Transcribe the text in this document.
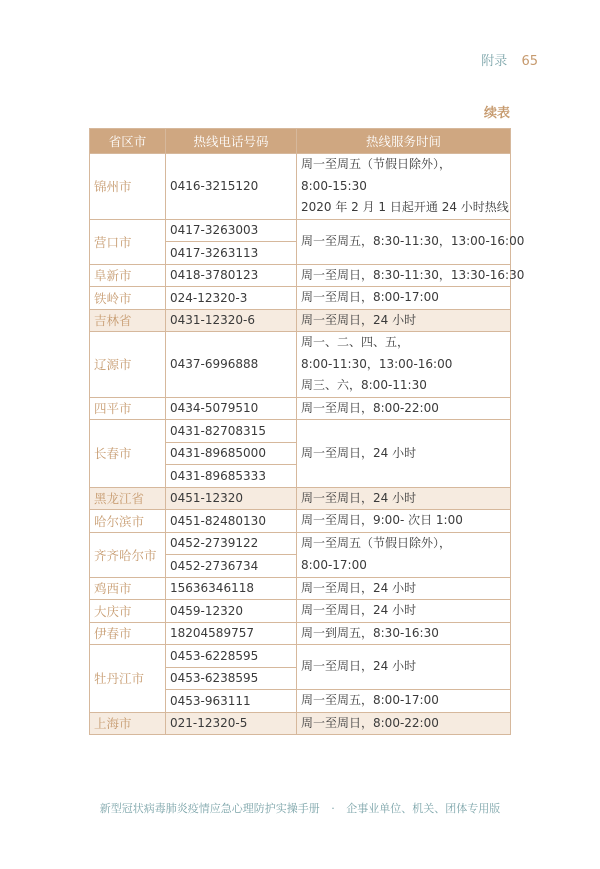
附录 65
续表
省区市	热线电话号码	热线服务时间
锦州市	0416-3215120	周一至周五（节假日除外），
8:00-15:30
2020 年 2 月 1 日起开通 24 小时热线

营口市	0417-3263003	周一至周五，8:30-11:30，13:00-16:00

	0417-3263113	
阜新市	0418-3780123	周一至周日，8:30-11:30，13:30-16:30

铁岭市	024-12320-3	周一至周日，8:00-17:00

吉林省	0431-12320-6	周一至周日，24 小时

辽源市	0437-6996888	周一、二、四、五，
8:00-11:30，13:00-16:00
周三、六，8:00-11:30

四平市	0434-5079510	周一至周日，8:00-22:00

长春市	0431-82708315	周一至周日，24 小时

	0431-89685000	
	0431-89685333	
黑龙江省	0451-12320	周一至周日，24 小时

哈尔滨市	0451-82480130	周一至周日，9:00- 次日 1:00

齐齐哈尔市	0452-2739122	周一至周五（节假日除外），
8:00-17:00

	0452-2736734	
鸡西市	15636346118	周一至周日，24 小时

大庆市	0459-12320	周一至周日，24 小时

伊春市	18204589757	周一到周五，8:30-16:30

牡丹江市	0453-6228595	周一至周日，24 小时

	0453-6238595	
	0453-963111	周一至周五，8:00-17:00

上海市	021-12320-5	周一至周日，8:00-22:00
新型冠状病毒肺炎疫情应急心理防护实操手册 · 企事业单位、机关、团体专用版
